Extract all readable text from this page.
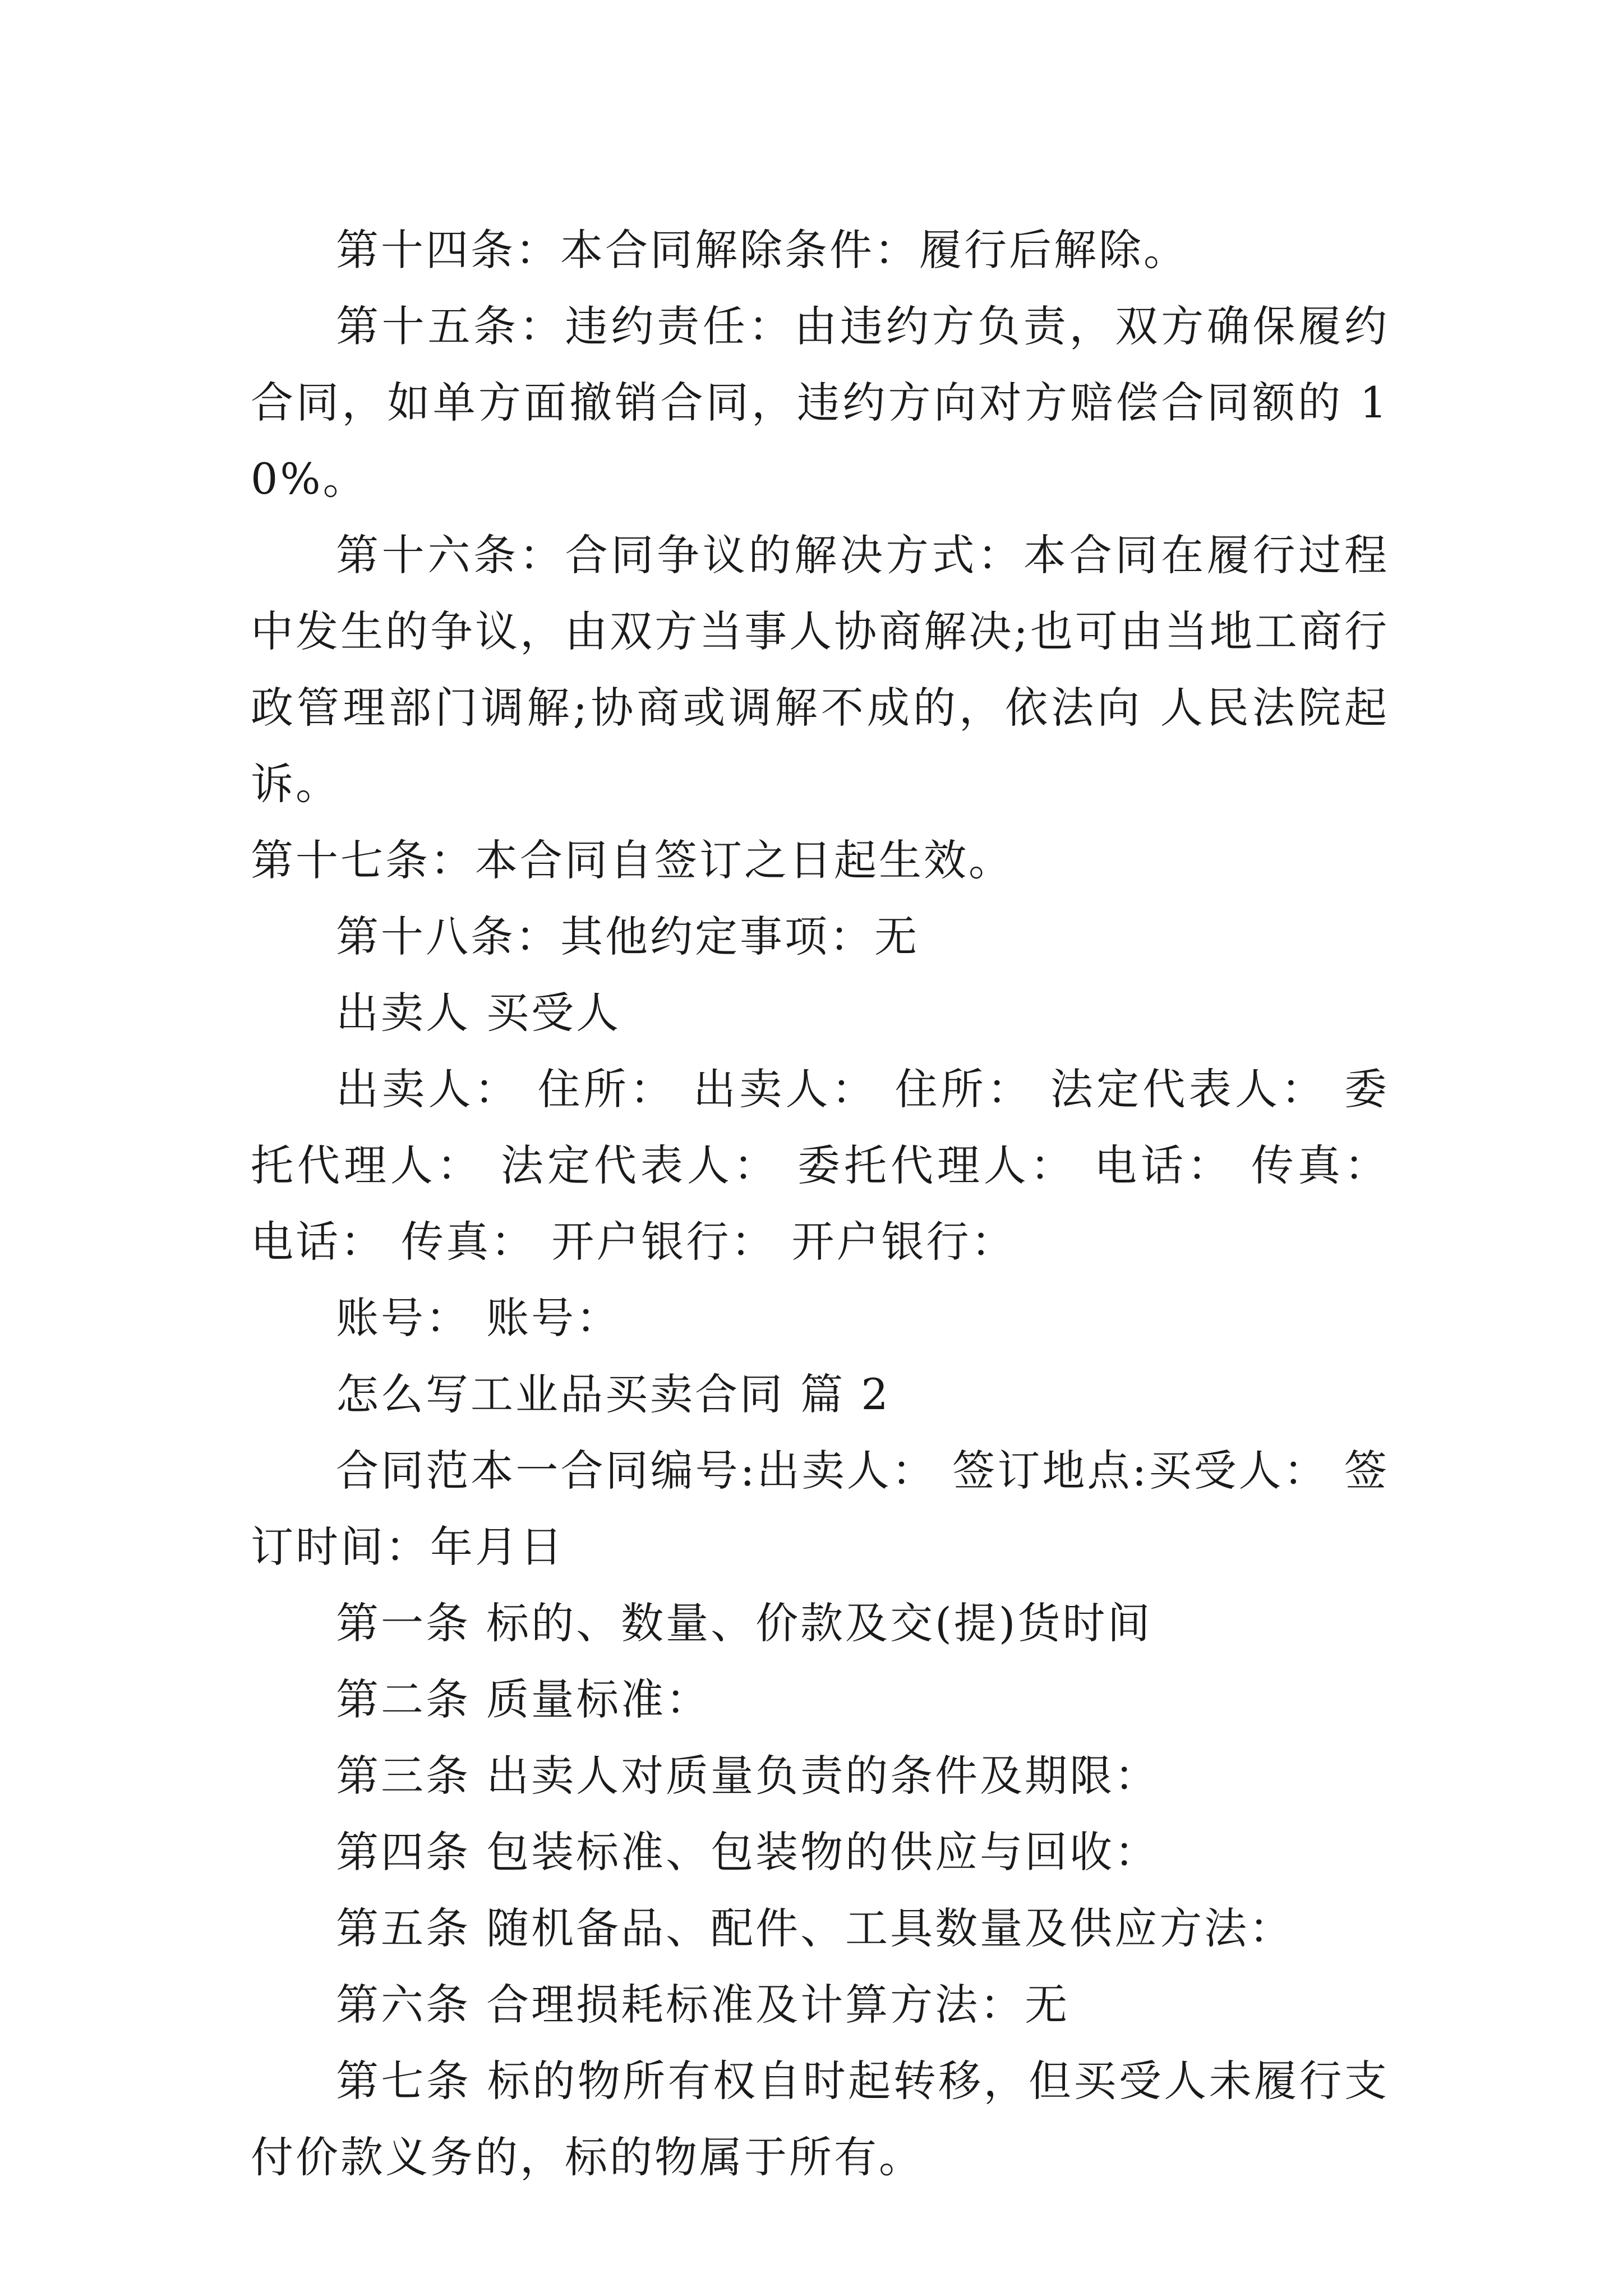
第十四条：本合同解除条件：履行后解除。

第十五条：违约责任：由违约方负责，双方确保履约合同，如单方面撤销合同，违约方向对方赔偿合同额的 10%。

第十六条：合同争议的解决方式：本合同在履行过程中发生的争议，由双方当事人协商解决;也可由当地工商行政管理部门调解;协商或调解不成的，依法向 人民法院起诉。

第十七条：本合同自签订之日起生效。

第十八条：其他约定事项：无

出卖人 买受人

出卖人： 住所： 出卖人： 住所： 法定代表人： 委托代理人： 法定代表人： 委托代理人： 电话： 传真： 电话： 传真： 开户银行： 开户银行：

账号： 账号：

怎么写工业品买卖合同 篇 2

合同范本一合同编号:出卖人： 签订地点:买受人： 签订时间：年月日

第一条 标的、数量、价款及交(提)货时间

第二条 质量标准：

第三条 出卖人对质量负责的条件及期限：

第四条 包装标准、包装物的供应与回收：

第五条 随机备品、配件、工具数量及供应方法：

第六条 合理损耗标准及计算方法：无

第七条 标的物所有权自时起转移，但买受人未履行支付价款义务的，标的物属于所有。
